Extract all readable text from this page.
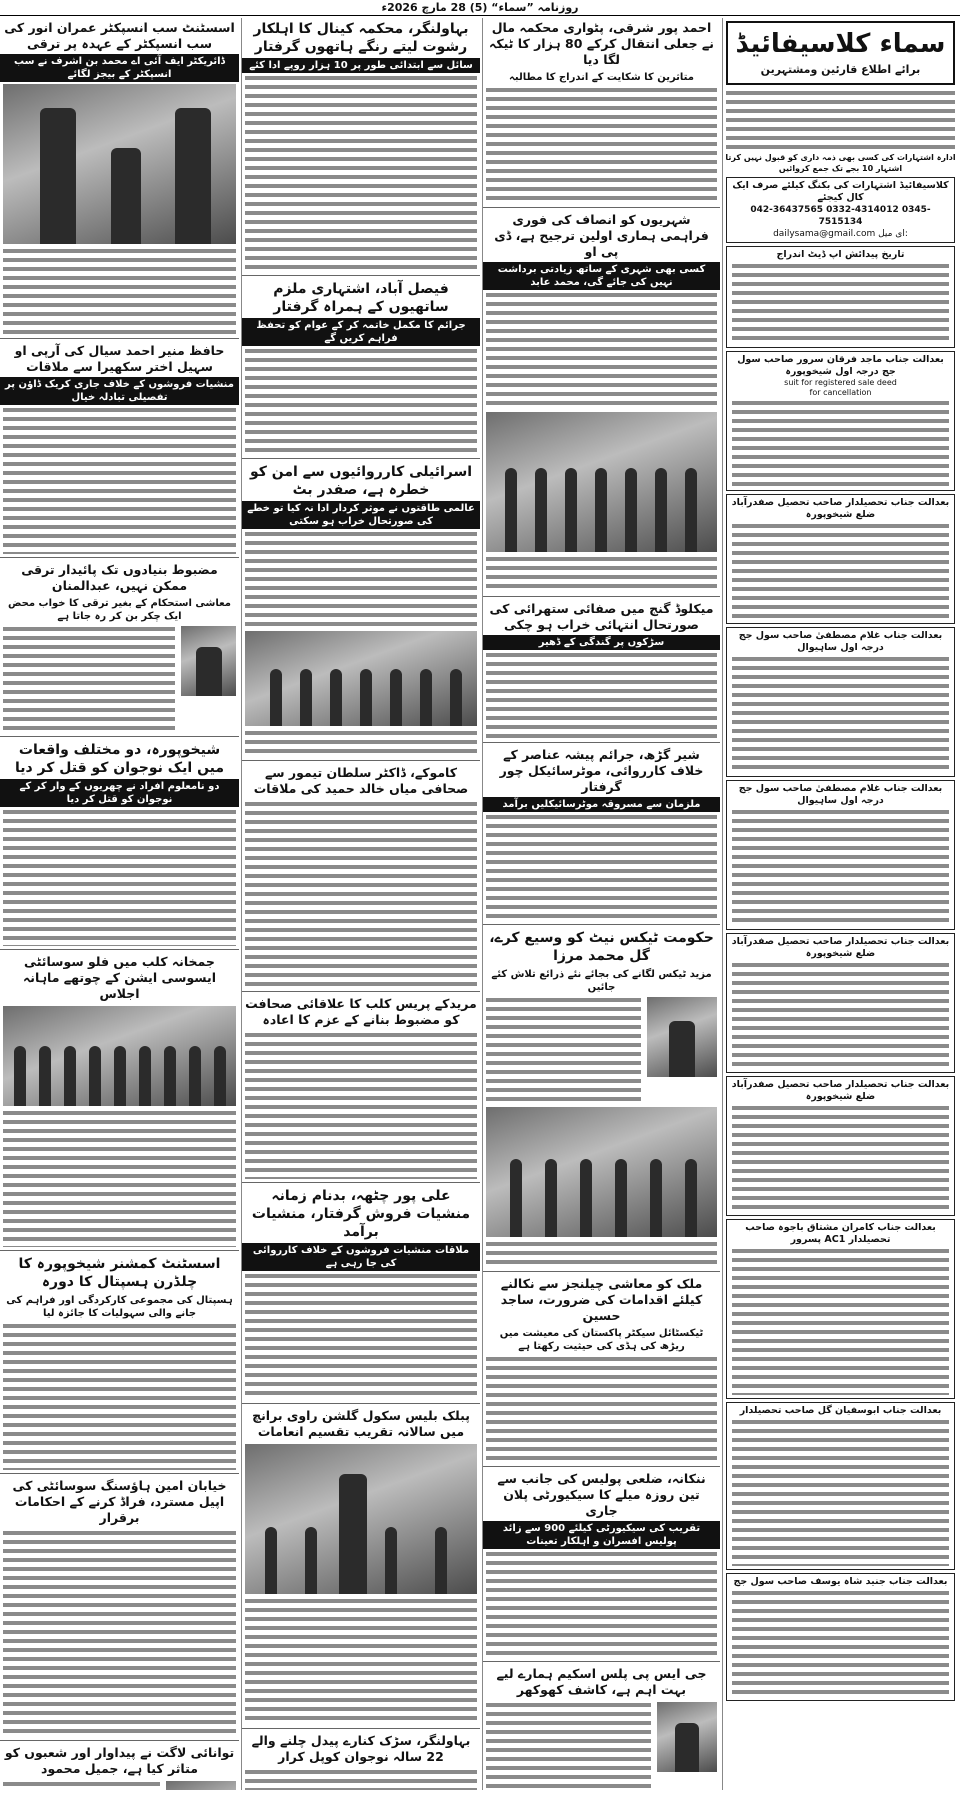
روزنامہ ”سماء“ (5) 28 مارچ 2026ء
سماء کلاسیفائیڈ
برائے اطلاع قارئین ومشتہرین
ادارہ اشتہارات کی کسی بھی ذمہ داری کو قبول نہیں کرتا
اشتہار 10 بجے تک جمع کروائیں
کلاسیفائیڈ اشتہارات کی بکنگ کیلئے صرف ایک کال کیجئے
042-36437565 0332-4314012 0345-7515134
dailysama@gmail.com ای میل:
تاریخ پیدائش اپ ڈیٹ اندراج
بعدالت جناب ماجد فرقان سرور صاحب سول جج درجہ اول شیخوپورہ
suit for registered sale deed
for cancellation
بعدالت جناب تحصیلدار صاحب تحصیل صفدرآباد ضلع شیخوپورہ
بعدالت جناب غلام مصطفیٰ صاحب سول جج درجہ اول ساہیوال
بعدالت جناب غلام مصطفیٰ صاحب سول جج درجہ اول ساہیوال
بعدالت جناب تحصیلدار صاحب تحصیل صفدرآباد ضلع شیخوپورہ
بعدالت جناب تحصیلدار صاحب تحصیل صفدرآباد ضلع شیخوپورہ
بعدالت جناب کامران مشتاق باجوہ صاحب تحصیلدار AC1 پسرور
بعدالت جناب ابوسفیان گل صاحب تحصیلدار
بعدالت جناب جنید شاہ یوسف صاحب سول جج
احمد پور شرقی، پٹواری محکمہ مال نے جعلی انتقال کرکے 80 ہزار کا ٹیکہ لگا دیا
متاثرین کا شکایت کے اندراج کا مطالبہ
شہریوں کو انصاف کی فوری فراہمی ہماری اولین ترجیح ہے، ڈی پی او
کسی بھی شہری کے ساتھ زیادتی برداشت نہیں کی جائے گی، محمد عابد
میکلوڈ گنج میں صفائی ستھرائی کی صورتحال انتہائی خراب ہو چکی
سڑکوں پر گندگی کے ڈھیر
شیر گڑھ، جرائم پیشہ عناصر کے خلاف کارروائی، موٹرسائیکل چور گرفتار
ملزمان سے مسروقہ موٹرسائیکلیں برآمد
حکومت ٹیکس نیٹ کو وسیع کرے، گل محمد مرزا
مزید ٹیکس لگانے کی بجائے نئے ذرائع تلاش کئے جائیں
ملک کو معاشی چیلنجز سے نکالنے کیلئے اقدامات کی ضرورت، ساجد حسین
ٹیکسٹائل سیکٹر پاکستان کی معیشت میں ریڑھ کی ہڈی کی حیثیت رکھتا ہے
ننکانہ، ضلعی پولیس کی جانب سے تین روزہ میلے کا سیکیورٹی پلان جاری
تقریب کی سیکیورٹی کیلئے 900 سے زائد پولیس افسران و اہلکار تعینات
جی ایس پی پلس اسکیم ہمارے لیے بہت اہم ہے، کاشف کھوکھر
بہاولنگر، محکمہ کینال کا اہلکار رشوت لیتے رنگے ہاتھوں گرفتار
سائل سے ابتدائی طور پر 10 ہزار روپے ادا کئے
فیصل آباد، اشتہاری ملزم ساتھیوں کے ہمراہ گرفتار
جرائم کا مکمل خاتمہ کر کے عوام کو تحفظ فراہم کریں گے
اسرائیلی کارروائیوں سے امن کو خطرہ ہے، صفدر بٹ
عالمی طاقتوں نے موثر کردار ادا نہ کیا تو خطے کی صورتحال خراب ہو سکتی
کاموکے، ڈاکٹر سلطان تیمور سے صحافی میاں خالد حمید کی ملاقات
مریدکے پریس کلب کا علاقائی صحافت کو مضبوط بنانے کے عزم کا اعادہ
علی پور چٹھہ، بدنام زمانہ منشیات فروش گرفتار، منشیات برآمد
ملاقات منشیات فروشوں کے خلاف کارروائی کی جا رہی ہے
پبلک بلیس سکول گلشن راوی برانچ میں سالانہ تقریب تقسیم انعامات
بہاولنگر، سڑک کنارے پیدل چلنے والے 22 سالہ نوجوان کوپل کرار
اسسٹنٹ سب انسپکٹر عمران انور کی سب انسپکٹر کے عہدہ پر ترقی
ڈائریکٹر ایف آئی اے محمد بن اشرف نے سب انسپکٹر کے بیجز لگائے
حافظ منیر احمد سیال کی آرپی او سہیل اختر سکھیرا سے ملاقات
منشیات فروشوں کے خلاف جاری کریک ڈاؤن پر تفصیلی تبادلہ خیال
مضبوط بنیادوں تک پائیدار ترقی ممکن نہیں، عبدالمنان
معاشی استحکام کے بغیر ترقی کا خواب محض ایک چکر بن کر رہ جاتا ہے
شیخوپورہ، دو مختلف واقعات میں ایک نوجوان کو قتل کر دیا
دو نامعلوم افراد نے چھریوں کے وار کر کے نوجوان کو قتل کر دیا
جمخانہ کلب میں فلو سوسائٹی ایسوسی ایشن کے چوتھے ماہانہ اجلاس
اسسٹنٹ کمشنر شیخوپورہ کا چلڈرن ہسپتال کا دورہ
ہسپتال کی مجموعی کارکردگی اور فراہم کی جانے والی سہولیات کا جائزہ لیا
خیابان امین ہاؤسنگ سوسائٹی کی اپیل مسترد، فراڈ کرنے کے احکامات برقرار
توانائی لاگت نے پیداوار اور شعبوں کو متاثر کیا ہے، جمیل محمود
